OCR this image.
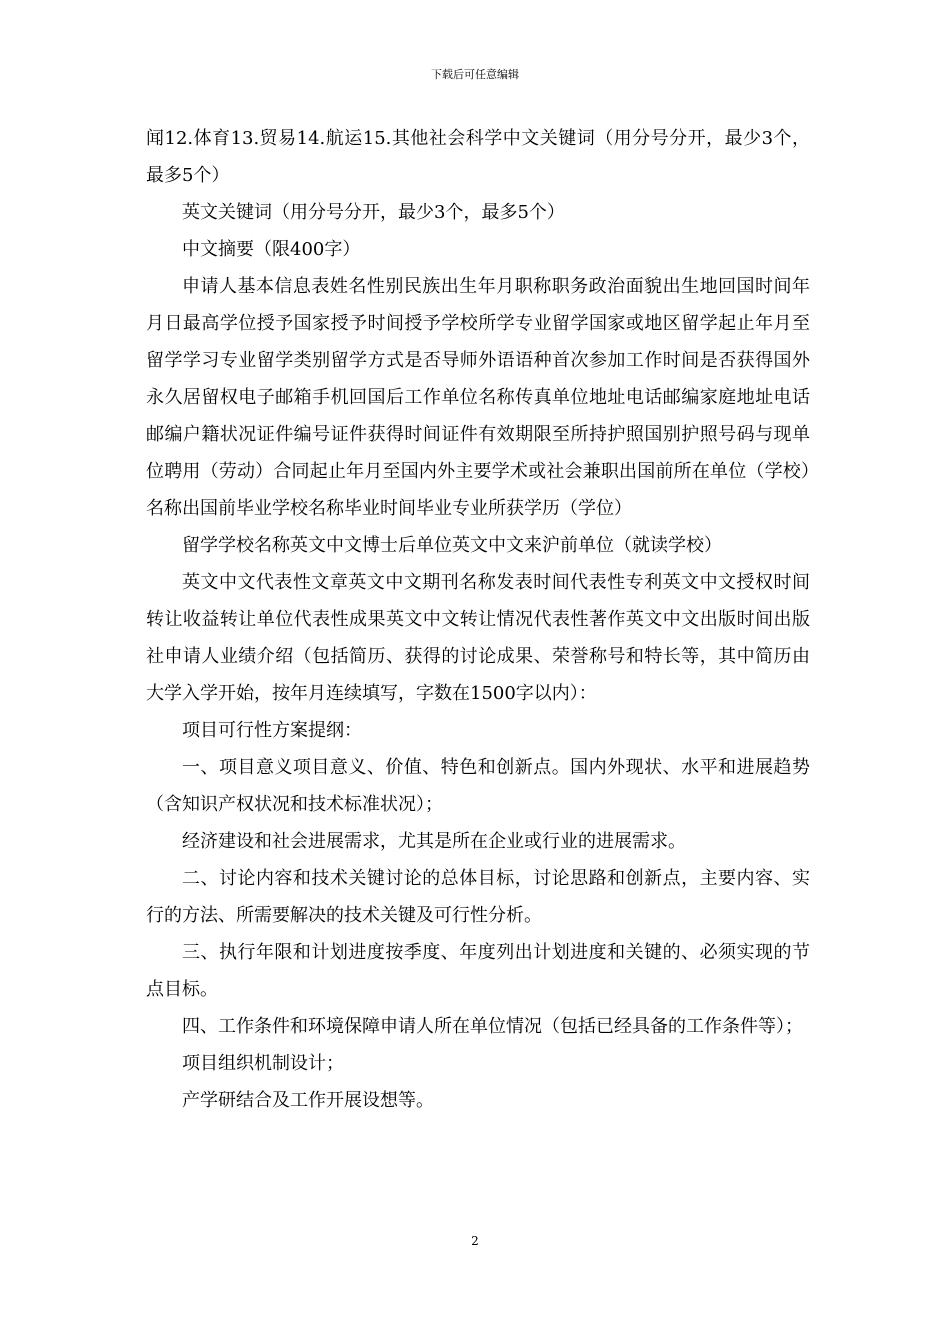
下载后可任意编辑

闻12.体育13.贸易14.航运15.其他社会科学中文关键词（用分号分开，最少3个，最多5个）

英文关键词（用分号分开，最少3个，最多5个）

中文摘要（限400字）

申请人基本信息表姓名性别民族出生年月职称职务政治面貌出生地回国时间年月日最高学位授予国家授予时间授予学校所学专业留学国家或地区留学起止年月至留学学习专业留学类别留学方式是否导师外语语种首次参加工作时间是否获得国外永久居留权电子邮箱手机回国后工作单位名称传真单位地址电话邮编家庭地址电话邮编户籍状况证件编号证件获得时间证件有效期限至所持护照国别护照号码与现单位聘用（劳动）合同起止年月至国内外主要学术或社会兼职出国前所在单位（学校）名称出国前毕业学校名称毕业时间毕业专业所获学历（学位）

留学学校名称英文中文博士后单位英文中文来沪前单位（就读学校）

英文中文代表性文章英文中文期刊名称发表时间代表性专利英文中文授权时间转让收益转让单位代表性成果英文中文转让情况代表性著作英文中文出版时间出版社申请人业绩介绍（包括简历、获得的讨论成果、荣誉称号和特长等，其中简历由大学入学开始，按年月连续填写，字数在1500字以内）：

项目可行性方案提纲：

一、项目意义项目意义、价值、特色和创新点。国内外现状、水平和进展趋势（含知识产权状况和技术标准状况）；

经济建设和社会进展需求，尤其是所在企业或行业的进展需求。

二、讨论内容和技术关键讨论的总体目标，讨论思路和创新点，主要内容、实行的方法、所需要解决的技术关键及可行性分析。

三、执行年限和计划进度按季度、年度列出计划进度和关键的、必须实现的节点目标。

四、工作条件和环境保障申请人所在单位情况（包括已经具备的工作条件等）；

项目组织机制设计；

产学研结合及工作开展设想等。

2
